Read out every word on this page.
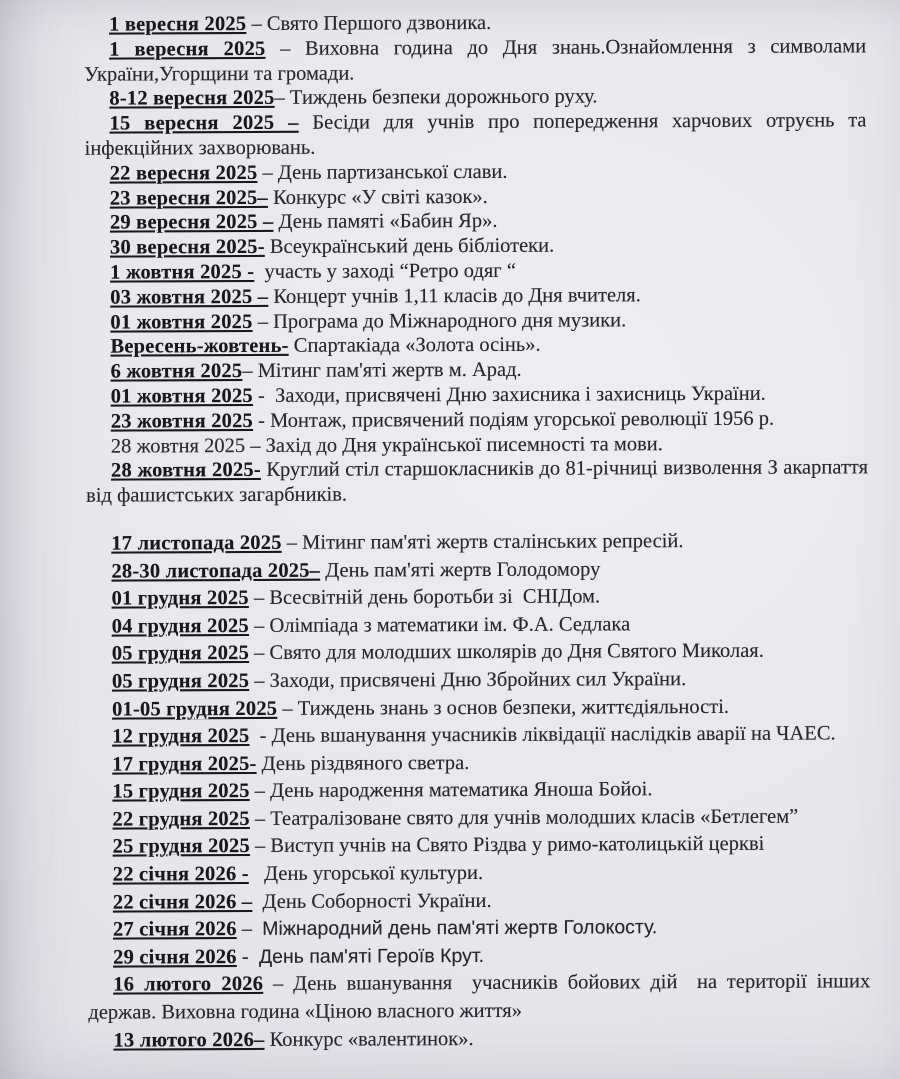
1 вересня 2025 – Свято Першого дзвоника.

1 вересня 2025 – Виховна година до Дня знань.Ознайомлення з символами України,Угорщини та громади.

8-12 вересня 2025– Тиждень безпеки дорожнього руху.

15 вересня 2025 – Бесіди для учнів про попередження харчових отруєнь та інфекційних захворювань.

22 вересня 2025 – День партизанської слави.

23 вересня 2025– Конкурс «У світі казок».

29 вересня 2025 – День памяті «Бабин Яр».

30 вересня 2025- Всеукраїнський день бібліотеки.

1 жовтня 2025 - участь у заході “Ретро одяг “

03 жовтня 2025 – Концерт учнів 1,11 класів до Дня вчителя.

01 жовтня 2025 – Програма до Міжнародного дня музики.

Вересень-жовтень- Спартакіада «Золота осінь».

6 жовтня 2025– Мітинг пам'яті жертв м. Арад.

01 жовтня 2025 -  Заходи, присвячені Дню захисника і захисниць України.

23 жовтня 2025 - Монтаж, присвячений подіям угорської революції 1956 р.

28 жовтня 2025 – Захід до Дня української писемності та мови.

28 жовтня 2025- Круглий стіл старшокласників до 81-річниці визволення З акарпаття від фашистських загарбників.

17 листопада 2025 – Мітинг пам'яті жертв сталінських репресій.

28-30 листопада 2025– День пам'яті жертв Голодомору

01 грудня 2025 – Всесвітній день боротьби зі  СНІДом.

04 грудня 2025 – Олімпіада з математики ім. Ф.А. Седлака

05 грудня 2025 – Свято для молодших школярів до Дня Святого Миколая.

05 грудня 2025 – Заходи, присвячені Дню Збройних сил України.

01-05 грудня 2025 – Тиждень знань з основ безпеки, життєдіяльності.

12 грудня 2025  - День вшанування учасників ліквідації наслідків аварії на ЧАЕС.

17 грудня 2025- День різдвяного светра.

15 грудня 2025 – День народження математика Яноша Бойоі.

22 грудня 2025 – Театралізоване свято для учнів молодших класів «Бетлегем”

25 грудня 2025 – Виступ учнів на Свято Різдва у римо-католицькій церкві

22 січня 2026 - День угорської культури.

22 січня 2026 – День Соборності України.

27 січня 2026 –  Міжнародний день пам'яті жертв Голокосту.

29 січня 2026 -  День пам'яті Героїв Крут.

16 лютого 2026 – День вшанування  учасників бойових дій  на території інших держав. Виховна година «Ціною власного життя»

13 лютого 2026– Конкурс «валентинок».
